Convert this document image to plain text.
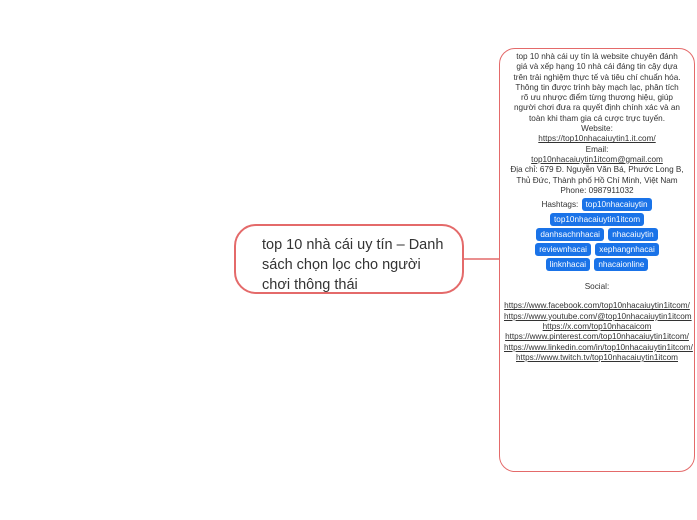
top 10 nhà cái uy tín – Danh sách chọn lọc cho người chơi thông thái

top 10 nhà cái uy tín là website chuyên đánh giá và xếp hạng 10 nhà cái đáng tin cậy dựa trên trải nghiệm thực tế và tiêu chí chuẩn hóa. Thông tin được trình bày mạch lạc, phân tích rõ ưu nhược điểm từng thương hiệu, giúp người chơi đưa ra quyết định chính xác và an toàn khi tham gia cá cược trực tuyến.

Website:

https://top10nhacaiuytin1.it.com/

Email:

top10nhacaiuytin1itcom@gmail.com

Địa chỉ: 679 Đ. Nguyễn Văn Bá, Phước Long B, Thủ Đức, Thành phố Hồ Chí Minh, Việt Nam

Phone: 0987911032

Hashtags: top10nhacaiuytin
top10nhacaiuytin1itcom
danhsachnhacai nhacaiuytin
reviewnhacai xephangnhacai
linknhacai nhacaionline

Social:

https://www.facebook.com/top10nhacaiuytin1itcom/
https://www.youtube.com/@top10nhacaiuytin1itcom
https://x.com/top10nhacaicom
https://www.pinterest.com/top10nhacaiuytin1itcom/
https://www.linkedin.com/in/top10nhacaiuytin1itcom/
https://www.twitch.tv/top10nhacaiuytin1itcom
